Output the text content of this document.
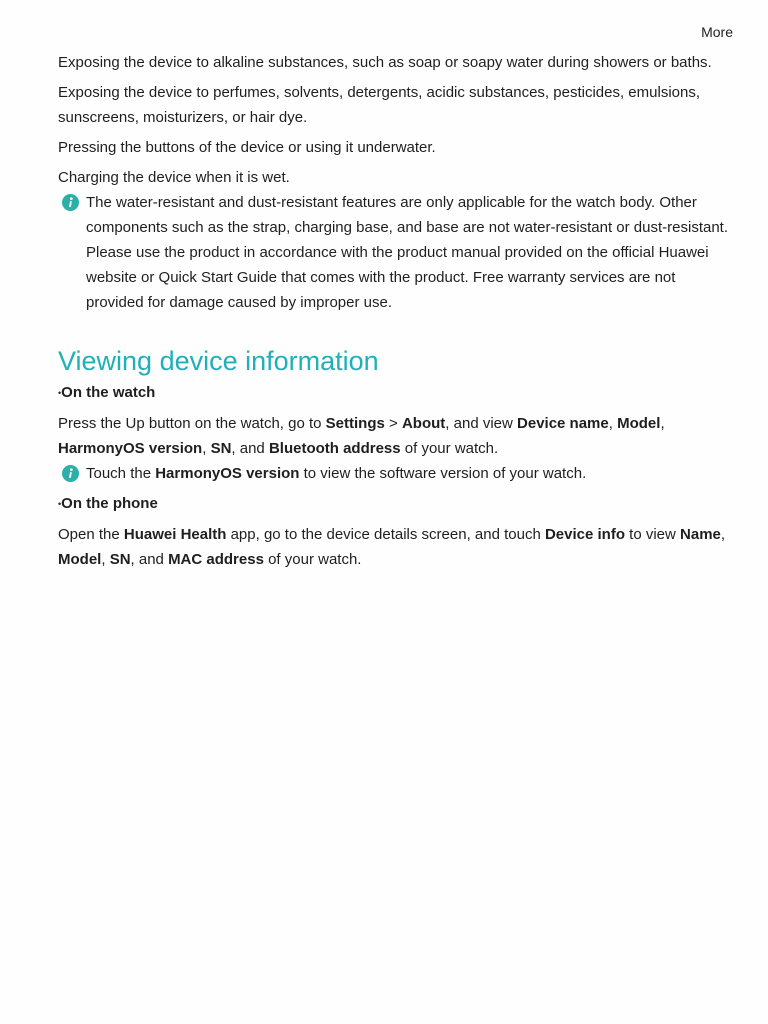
More

Exposing the device to alkaline substances, such as soap or soapy water during showers or baths.

Exposing the device to perfumes, solvents, detergents, acidic substances, pesticides, emulsions, sunscreens, moisturizers, or hair dye.

Pressing the buttons of the device or using it underwater.

Charging the device when it is wet.

The water-resistant and dust-resistant features are only applicable for the watch body. Other components such as the strap, charging base, and base are not water-resistant or dust-resistant.

Please use the product in accordance with the product manual provided on the official Huawei website or Quick Start Guide that comes with the product. Free warranty services are not provided for damage caused by improper use.

Viewing device information

•On the watch

Press the Up button on the watch, go to Settings > About, and view Device name, Model, HarmonyOS version, SN, and Bluetooth address of your watch.

Touch the HarmonyOS version to view the software version of your watch.

•On the phone

Open the Huawei Health app, go to the device details screen, and touch Device info to view Name, Model, SN, and MAC address of your watch.
